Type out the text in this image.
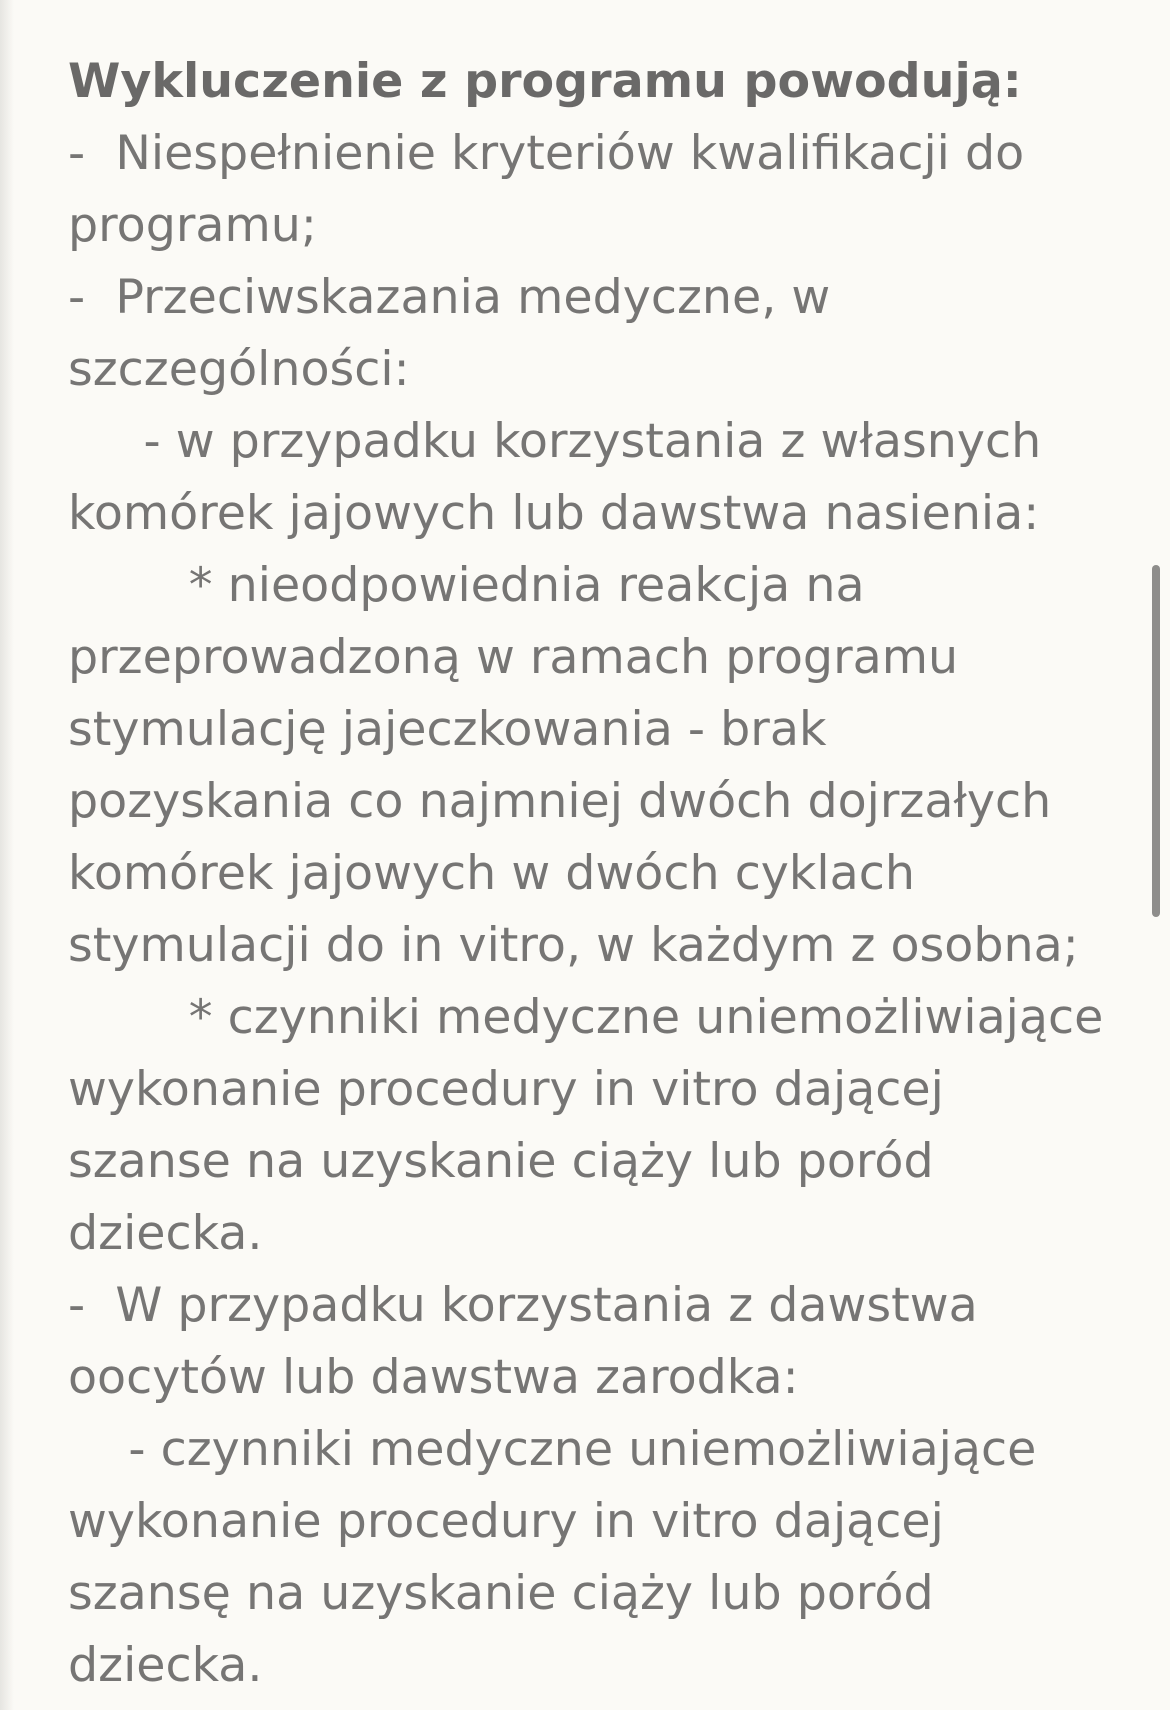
Wykluczenie z programu powodują:
-  Niespełnienie kryteriów kwalifikacji do
programu;
-  Przeciwskazania medyczne, w
szczególności:
- w przypadku korzystania z własnych
komórek jajowych lub dawstwa nasienia:
* nieodpowiednia reakcja na
przeprowadzoną w ramach programu
stymulację jajeczkowania - brak
pozyskania co najmniej dwóch dojrzałych
komórek jajowych w dwóch cyklach
stymulacji do in vitro, w każdym z osobna;
* czynniki medyczne uniemożliwiające
wykonanie procedury in vitro dającej
szanse na uzyskanie ciąży lub poród
dziecka.
-  W przypadku korzystania z dawstwa
oocytów lub dawstwa zarodka:
- czynniki medyczne uniemożliwiające
wykonanie procedury in vitro dającej
szansę na uzyskanie ciąży lub poród
dziecka.
